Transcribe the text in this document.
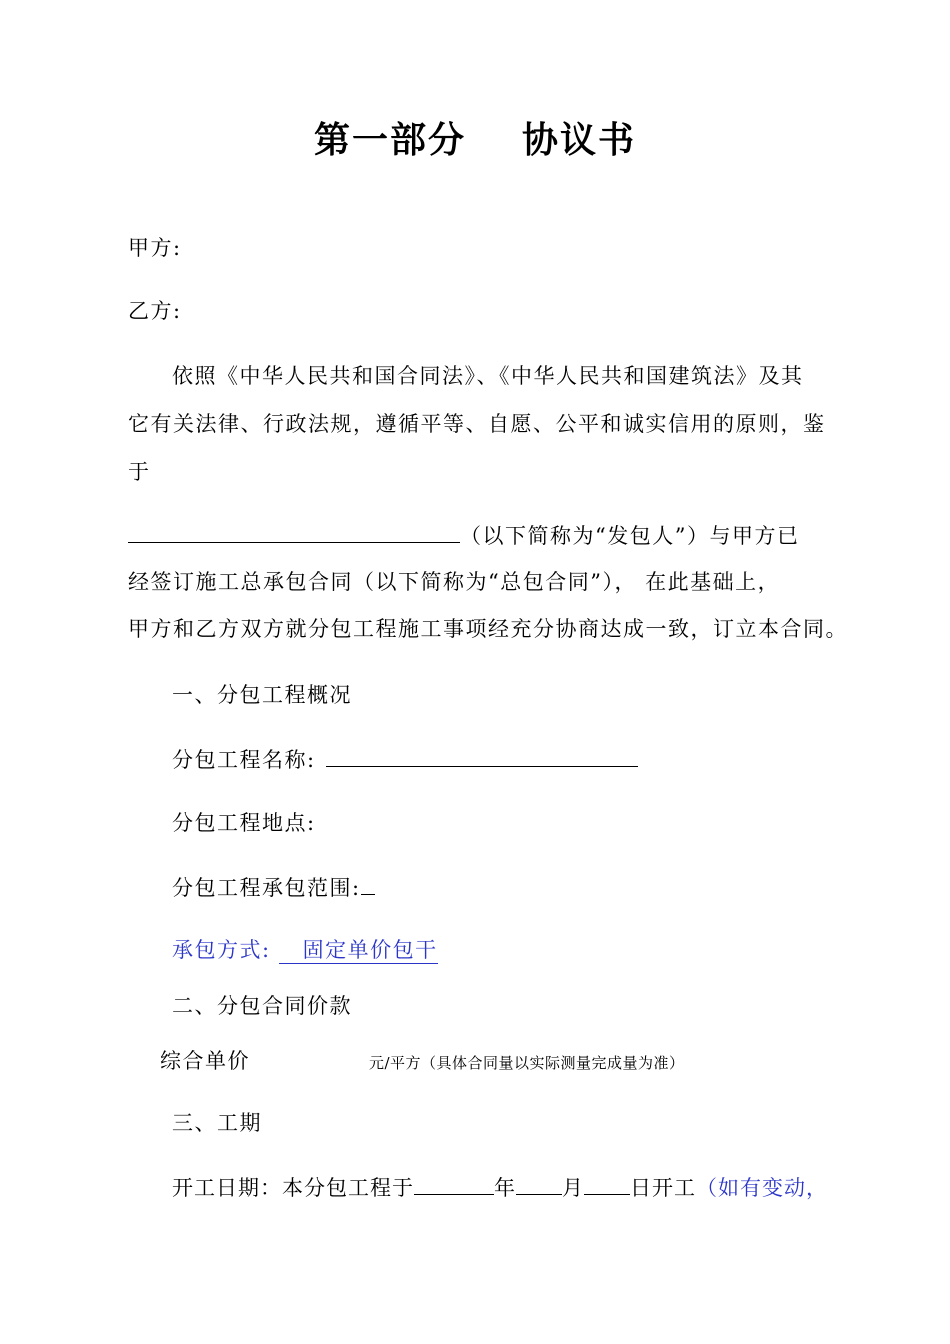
第一部分 协议书
甲方:
乙方:
依照《中华人民共和国合同法》、《中华人民共和国建筑法》及其
它有关法律、行政法规，遵循平等、自愿、公平和诚实信用的原则，鉴
于
（以下简称为“发包人”）与甲方已
经签订施工总承包合同（以下简称为“总包合同”）， 在此基础上，
甲方和乙方双方就分包工程施工事项经充分协商达成一致，订立本合同。
一、分包工程概况
分包工程名称:
分包工程地点:
分包工程承包范围:
承包方式: 固定单价包干
二、分包合同价款
综合单价	元/平方（具体合同量以实际测量完成量为准）
三、工期
开工日期：本分包工程于	年 月 日开工（如有变动，
